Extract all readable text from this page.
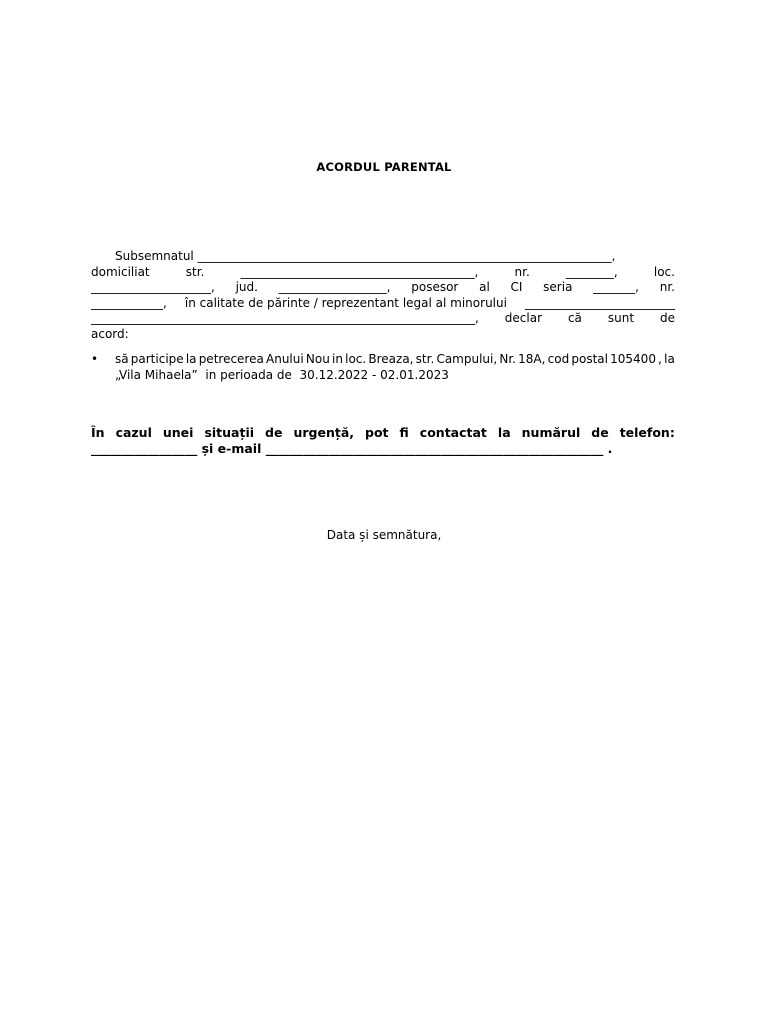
ACORDUL PARENTAL
Subsemnatul _____________________________________________________________________,
domiciliat	str.	_______________________________________,	nr.	________,	loc.
____________________, jud. __________________, posesor al CI seria _______, nr.
____________, în calitate de părinte / reprezentant legal al minorului _________________________
________________________________________________________________, declar că sunt de
acord:
•	să participe la petrecerea Anului Nou in loc. Breaza, str. Campului, Nr. 18A, cod postal 105400 , la
„Vila Mihaela”  in perioada de  30.12.2022 - 02.01.2023
În cazul unei situații de urgență, pot fi contactat la numărul de telefon:
_________________ și e-mail ______________________________________________________ .
Data și semnătura,
